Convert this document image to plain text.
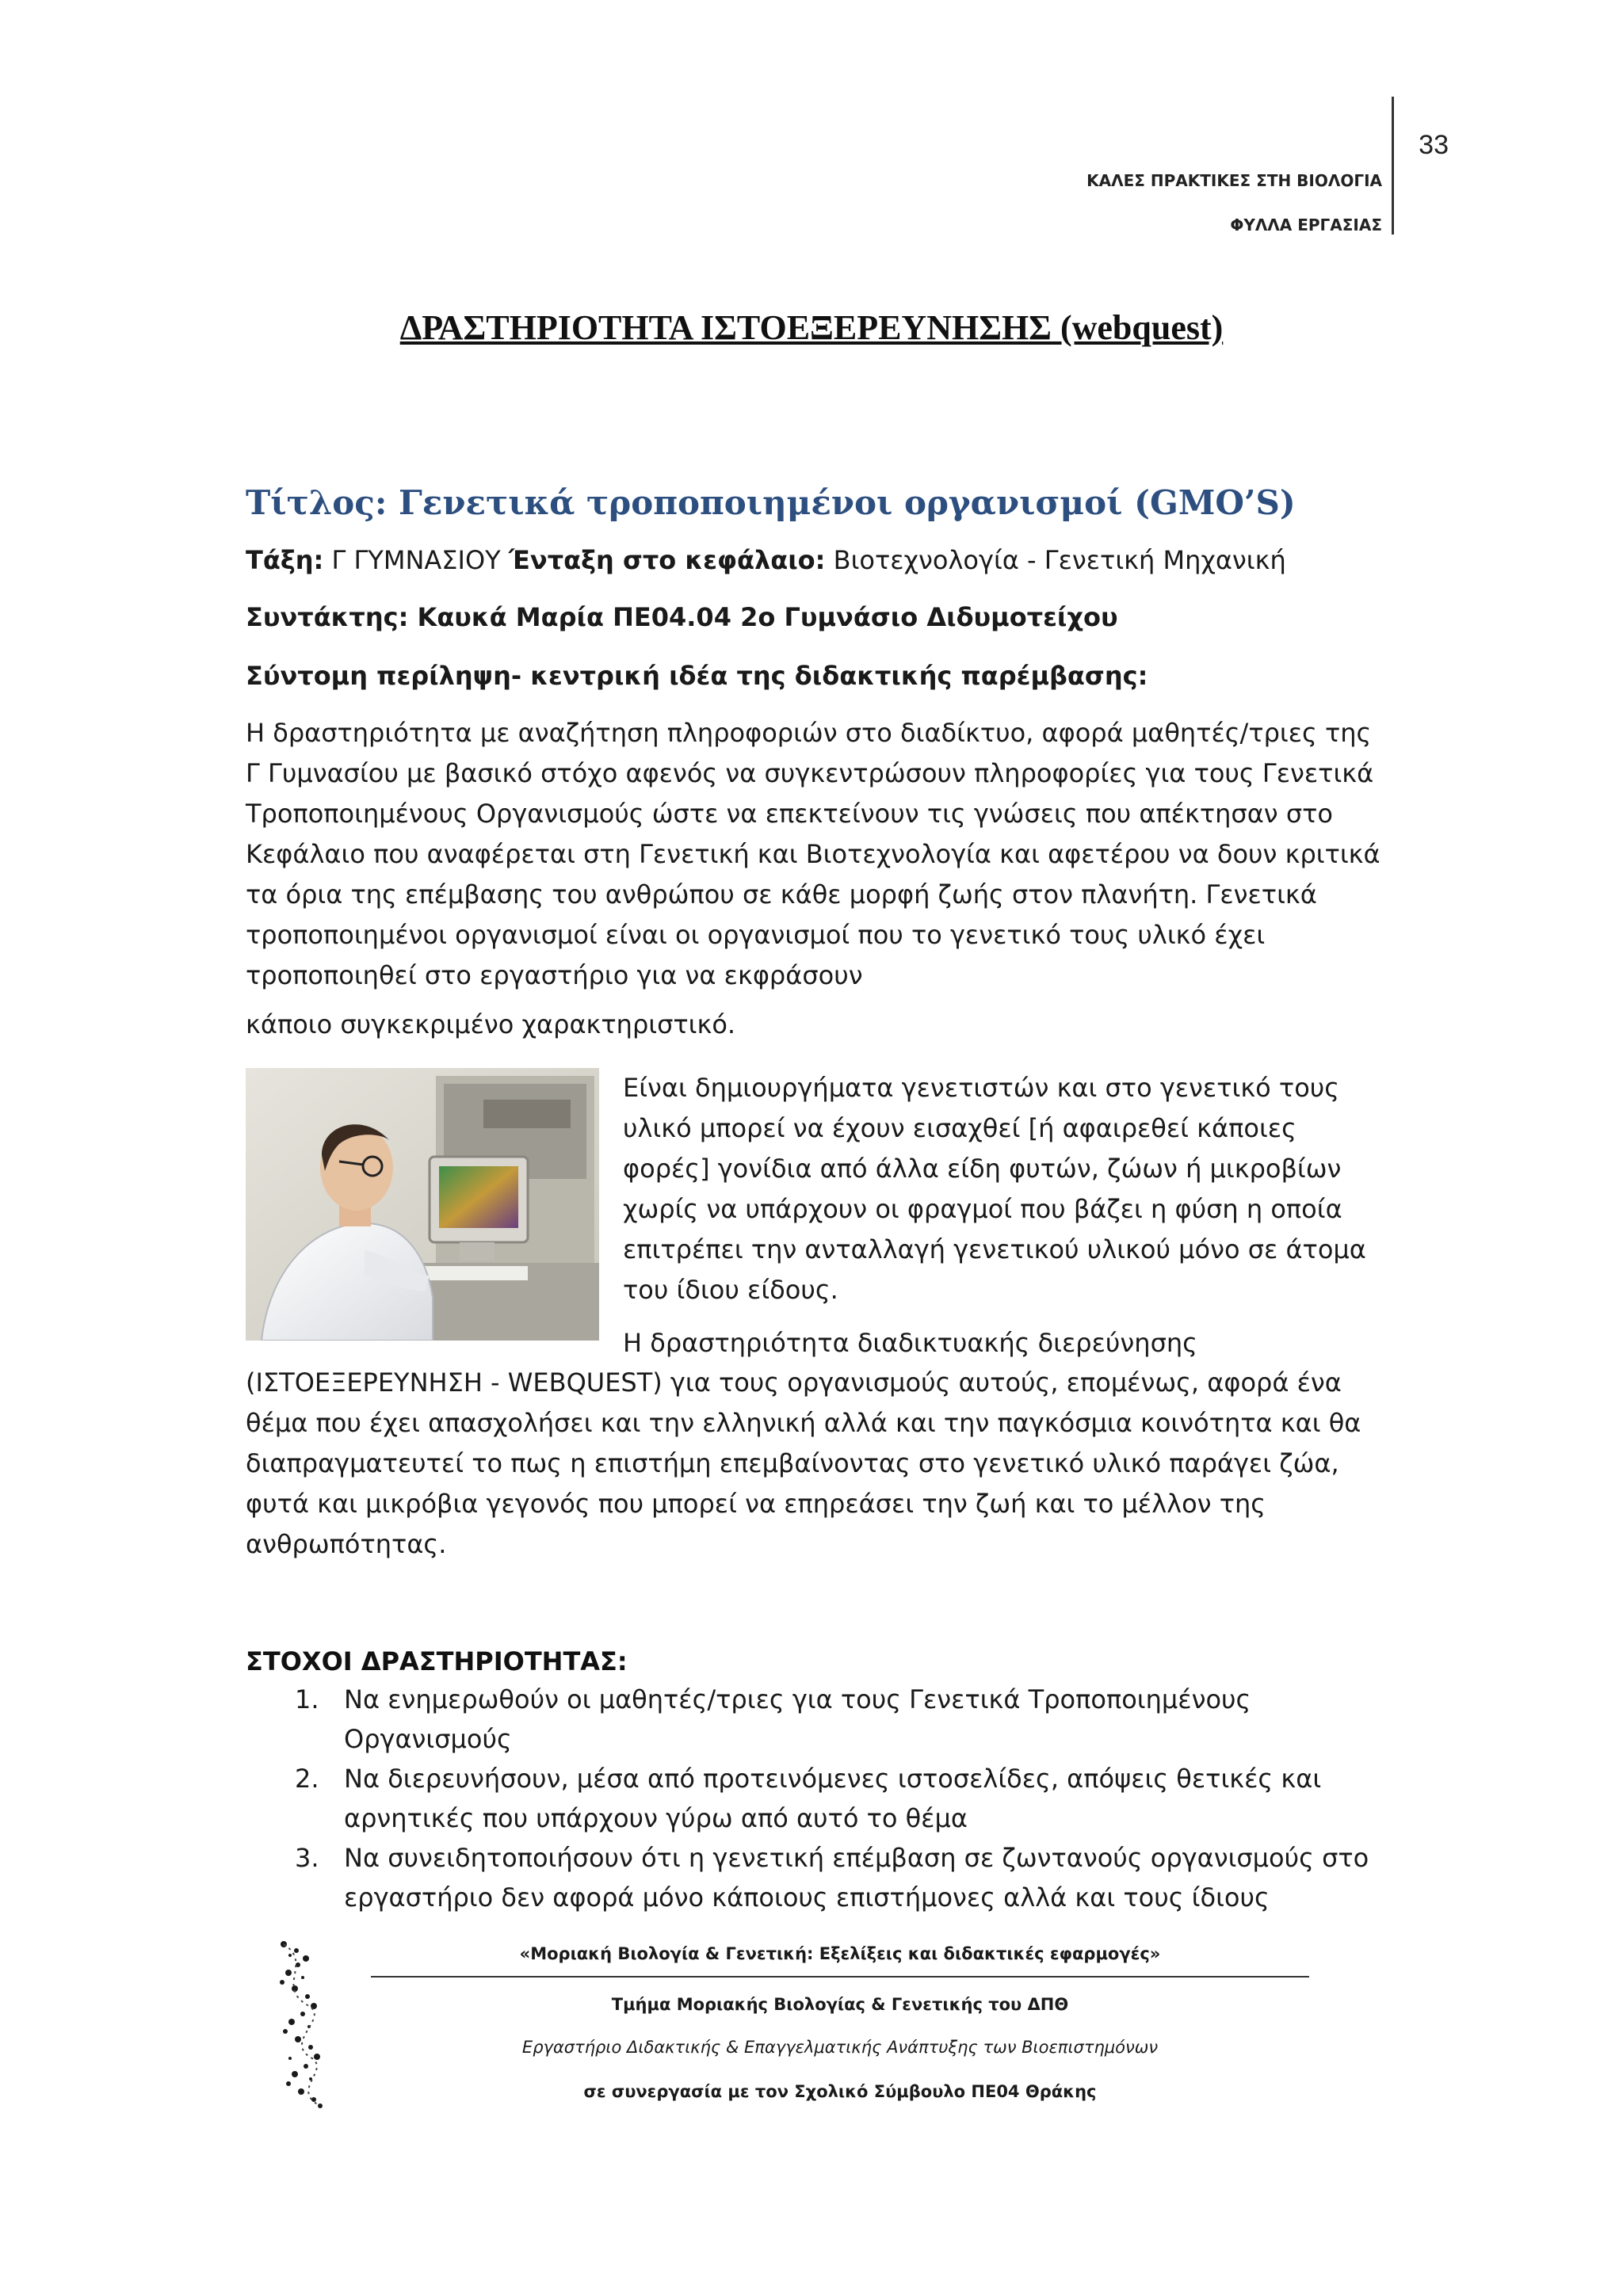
33
ΚΑΛΕΣ ΠΡΑΚΤΙΚΕΣ ΣΤΗ ΒΙΟΛΟΓΙΑ
ΦΥΛΛΑ ΕΡΓΑΣΙΑΣ
ΔΡΑΣΤΗΡΙΟΤΗΤΑ ΙΣΤΟΕΞΕΡΕΥΝΗΣΗΣ (webquest)
Τίτλος: Γενετικά τροποποιημένοι οργανισμοί (GMO’S)
Τάξη: Γ ΓΥΜΝΑΣΙΟΥ Ένταξη στο κεφάλαιο: Βιοτεχνολογία - Γενετική Μηχανική
Συντάκτης: Καυκά Μαρία ΠΕ04.04 2ο Γυμνάσιο Διδυμοτείχου
Σύντομη περίληψη- κεντρική ιδέα της διδακτικής παρέμβασης:
Η δραστηριότητα με αναζήτηση πληροφοριών στο διαδίκτυο, αφορά μαθητές/τριες της Γ Γυμνασίου με βασικό στόχο αφενός να συγκεντρώσουν πληροφορίες για τους Γενετικά Τροποποιημένους Οργανισμούς ώστε να επεκτείνουν τις γνώσεις που απέκτησαν στο Κεφάλαιο που αναφέρεται στη Γενετική και Βιοτεχνολογία και αφετέρου να δουν κριτικά τα όρια της επέμβασης του ανθρώπου σε κάθε μορφή ζωής στον πλανήτη. Γενετικά τροποποιημένοι οργανισμοί είναι οι οργανισμοί που το γενετικό τους υλικό έχει τροποποιηθεί στο εργαστήριο για να εκφράσουν
κάποιο συγκεκριμένο χαρακτηριστικό.
Είναι δημιουργήματα γενετιστών και στο γενετικό τους υλικό μπορεί να έχουν εισαχθεί [ή αφαιρεθεί κάποιες φορές] γονίδια από άλλα είδη φυτών, ζώων ή μικροβίων χωρίς να υπάρχουν οι φραγμοί που βάζει η φύση η οποία επιτρέπει την ανταλλαγή γενετικού υλικού μόνο σε άτομα του ίδιου είδους.
Η δραστηριότητα διαδικτυακής διερεύνησης
(ΙΣΤΟΕΞΕΡΕΥΝΗΣΗ - WEBQUEST) για τους οργανισμούς αυτούς, επομένως, αφορά ένα θέμα που έχει απασχολήσει και την ελληνική αλλά και την παγκόσμια κοινότητα και θα διαπραγματευτεί το πως η επιστήμη επεμβαίνοντας στο γενετικό υλικό παράγει ζώα, φυτά και μικρόβια γεγονός που μπορεί να επηρεάσει την ζωή και το μέλλον της ανθρωπότητας.
ΣΤΟΧΟΙ ΔΡΑΣΤΗΡΙΟΤΗΤΑΣ:
1. Να ενημερωθούν οι μαθητές/τριες για τους Γενετικά Τροποποιημένους Οργανισμούς
2. Να διερευνήσουν, μέσα από προτεινόμενες ιστοσελίδες, απόψεις θετικές και αρνητικές που υπάρχουν γύρω από αυτό το θέμα
3. Να συνειδητοποιήσουν ότι η γενετική επέμβαση σε ζωντανούς οργανισμούς στο εργαστήριο δεν αφορά μόνο κάποιους επιστήμονες αλλά και τους ίδιους
«Μοριακή Βιολογία & Γενετική: Εξελίξεις και διδακτικές εφαρμογές»
Τμήμα Μοριακής Βιολογίας & Γενετικής του ΔΠΘ
Εργαστήριο Διδακτικής & Επαγγελματικής Ανάπτυξης των Βιοεπιστημόνων
σε συνεργασία με τον Σχολικό Σύμβουλο ΠΕ04 Θράκης
